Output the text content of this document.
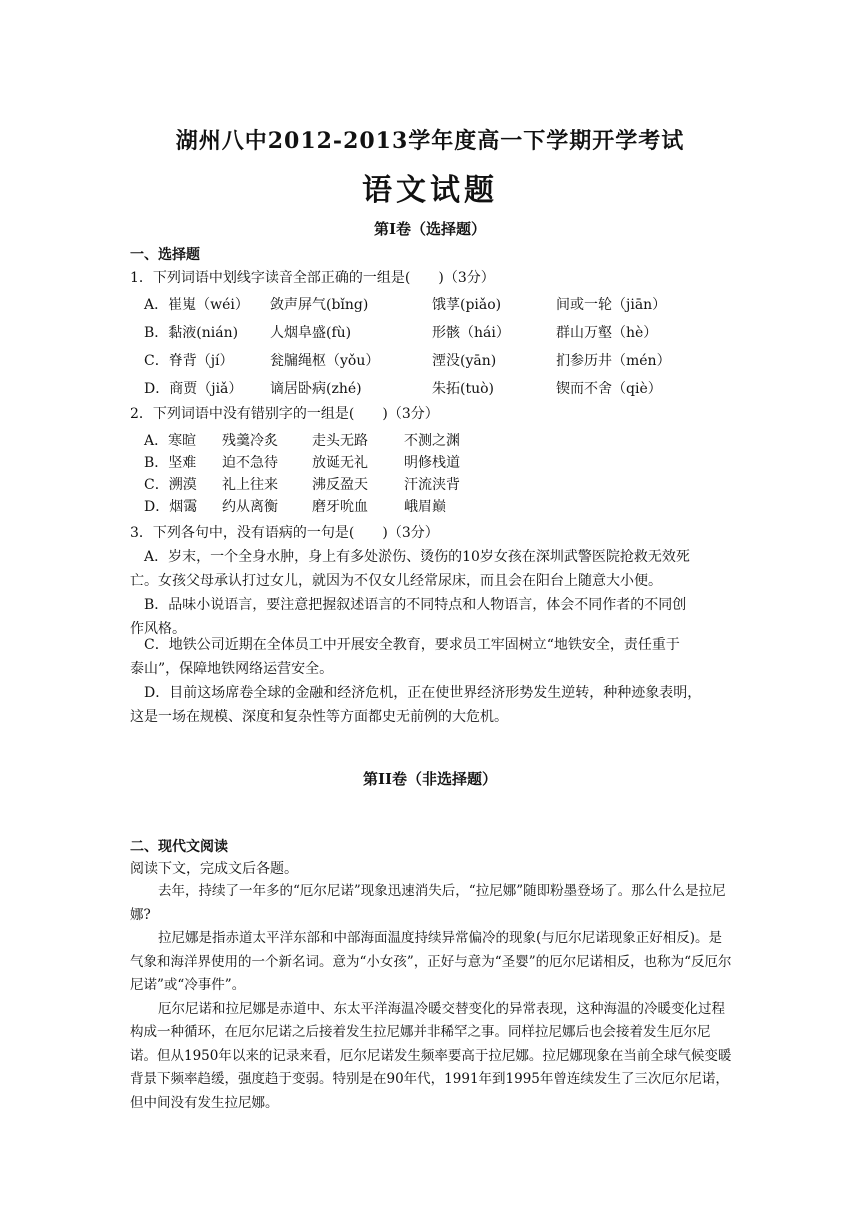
湖州八中2012-2013学年度高一下学期开学考试
语文试题
第Ⅰ卷（选择题）
一、选择题
1．下列词语中划线字读音全部正确的一组是(　　)（3分）
A．崔嵬（wéi） 敛声屏气(bǐng)	饿莩(piǎo)	间或一轮（jiān）
B．黏液(nián) 人烟阜盛(fù)	形骸（hái）	群山万壑（hè）
C．脊背（jí）	瓮牖绳枢（yǒu）	湮没(yān)	扪参历井（mén）
D．商贾（jiǎ） 谪居卧病(zhé)	朱拓(tuò)	锲而不舍（qiè）
2．下列词语中没有错别字的一组是(　　)（3分）
A．寒暄 残羹冷炙 走头无路	不测之渊
B．坚难 迫不急待 放诞无礼	明修栈道
C．溯漠 礼上往来 沸反盈天	汗流浃背
D．烟霭 约从离衡 磨牙吮血	峨眉巅
3．下列各句中，没有语病的一句是(　　)（3分）
A．岁末，一个全身水肿，身上有多处淤伤、烫伤的10岁女孩在深圳武警医院抢救无效死
亡。女孩父母承认打过女儿，就因为不仅女儿经常尿床，而且会在阳台上随意大小便。
B．品味小说语言，要注意把握叙述语言的不同特点和人物语言，体会不同作者的不同创
作风格。
C．地铁公司近期在全体员工中开展安全教育，要求员工牢固树立“地铁安全，责任重于
泰山”，保障地铁网络运营安全。
D．目前这场席卷全球的金融和经济危机，正在使世界经济形势发生逆转，种种迹象表明，
这是一场在规模、深度和复杂性等方面都史无前例的大危机。
第II卷（非选择题）
二、现代文阅读
阅读下文，完成文后各题。

去年，持续了一年多的“厄尔尼诺”现象迅速消失后，“拉尼娜”随即粉墨登场了。那么什么是拉尼娜?

拉尼娜是指赤道太平洋东部和中部海面温度持续异常偏冷的现象(与厄尔尼诺现象正好相反)。是气象和海洋界使用的一个新名词。意为“小女孩”，正好与意为“圣婴”的厄尔尼诺相反，也称为“反厄尔尼诺”或“冷事件”。

厄尔尼诺和拉尼娜是赤道中、东太平洋海温冷暖交替变化的异常表现，这种海温的冷暖变化过程构成一种循环，在厄尔尼诺之后接着发生拉尼娜并非稀罕之事。同样拉尼娜后也会接着发生厄尔尼诺。但从1950年以来的记录来看，厄尔尼诺发生频率要高于拉尼娜。拉尼娜现象在当前全球气候变暖背景下频率趋缓，强度趋于变弱。特别是在90年代，1991年到1995年曾连续发生了三次厄尔尼诺，但中间没有发生拉尼娜。
